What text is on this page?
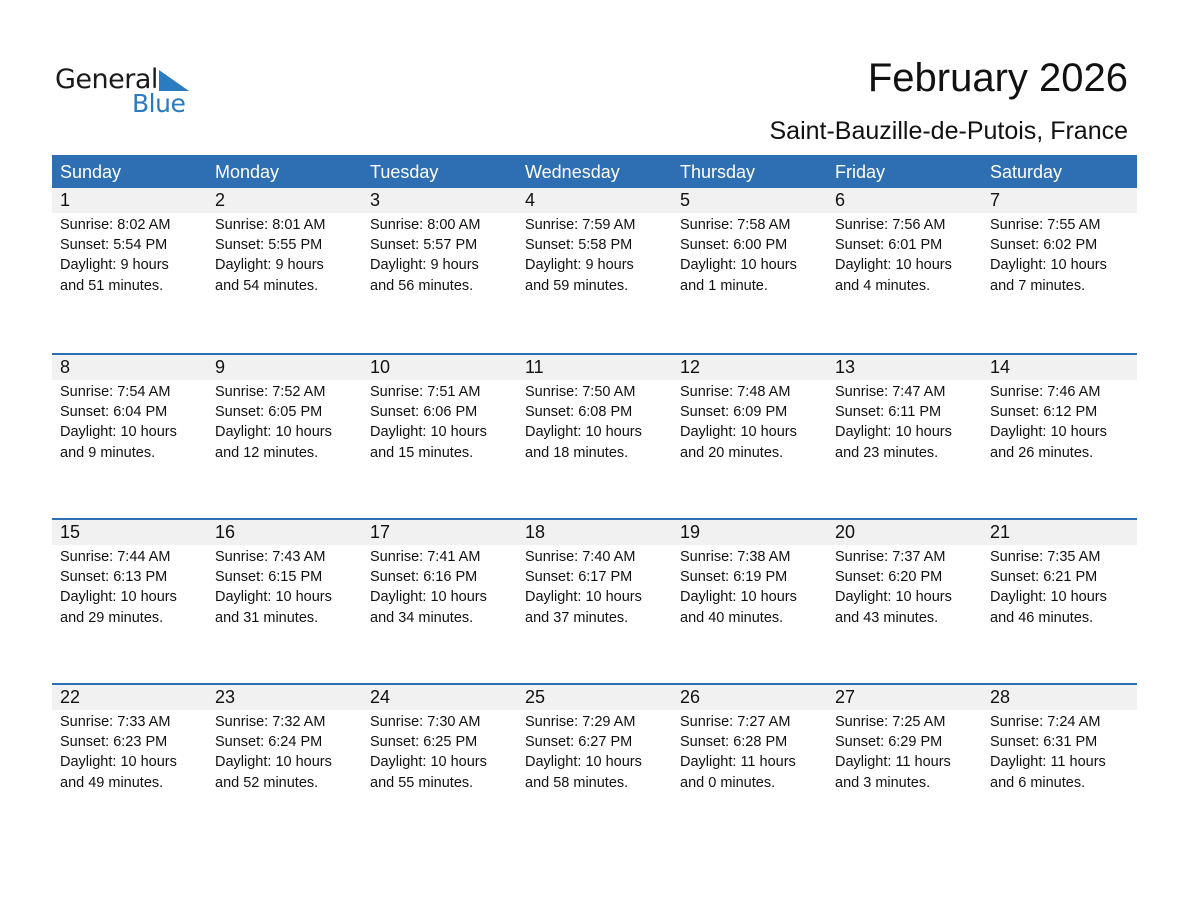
General
Blue
February 2026
Saint-Bauzille-de-Putois, France
Sunday	Monday	Tuesday	Wednesday	Thursday	Friday	Saturday
1	2	3	4	5	6	7
Sunrise: 8:02 AM
Sunset: 5:54 PM
Daylight: 9 hours
and 51 minutes.
Sunrise: 8:01 AM
Sunset: 5:55 PM
Daylight: 9 hours
and 54 minutes.
Sunrise: 8:00 AM
Sunset: 5:57 PM
Daylight: 9 hours
and 56 minutes.
Sunrise: 7:59 AM
Sunset: 5:58 PM
Daylight: 9 hours
and 59 minutes.
Sunrise: 7:58 AM
Sunset: 6:00 PM
Daylight: 10 hours
and 1 minute.
Sunrise: 7:56 AM
Sunset: 6:01 PM
Daylight: 10 hours
and 4 minutes.
Sunrise: 7:55 AM
Sunset: 6:02 PM
Daylight: 10 hours
and 7 minutes.
8	9	10	11	12	13	14
Sunrise: 7:54 AM
Sunset: 6:04 PM
Daylight: 10 hours
and 9 minutes.
Sunrise: 7:52 AM
Sunset: 6:05 PM
Daylight: 10 hours
and 12 minutes.
Sunrise: 7:51 AM
Sunset: 6:06 PM
Daylight: 10 hours
and 15 minutes.
Sunrise: 7:50 AM
Sunset: 6:08 PM
Daylight: 10 hours
and 18 minutes.
Sunrise: 7:48 AM
Sunset: 6:09 PM
Daylight: 10 hours
and 20 minutes.
Sunrise: 7:47 AM
Sunset: 6:11 PM
Daylight: 10 hours
and 23 minutes.
Sunrise: 7:46 AM
Sunset: 6:12 PM
Daylight: 10 hours
and 26 minutes.
15	16	17	18	19	20	21
Sunrise: 7:44 AM
Sunset: 6:13 PM
Daylight: 10 hours
and 29 minutes.
Sunrise: 7:43 AM
Sunset: 6:15 PM
Daylight: 10 hours
and 31 minutes.
Sunrise: 7:41 AM
Sunset: 6:16 PM
Daylight: 10 hours
and 34 minutes.
Sunrise: 7:40 AM
Sunset: 6:17 PM
Daylight: 10 hours
and 37 minutes.
Sunrise: 7:38 AM
Sunset: 6:19 PM
Daylight: 10 hours
and 40 minutes.
Sunrise: 7:37 AM
Sunset: 6:20 PM
Daylight: 10 hours
and 43 minutes.
Sunrise: 7:35 AM
Sunset: 6:21 PM
Daylight: 10 hours
and 46 minutes.
22	23	24	25	26	27	28
Sunrise: 7:33 AM
Sunset: 6:23 PM
Daylight: 10 hours
and 49 minutes.
Sunrise: 7:32 AM
Sunset: 6:24 PM
Daylight: 10 hours
and 52 minutes.
Sunrise: 7:30 AM
Sunset: 6:25 PM
Daylight: 10 hours
and 55 minutes.
Sunrise: 7:29 AM
Sunset: 6:27 PM
Daylight: 10 hours
and 58 minutes.
Sunrise: 7:27 AM
Sunset: 6:28 PM
Daylight: 11 hours
and 0 minutes.
Sunrise: 7:25 AM
Sunset: 6:29 PM
Daylight: 11 hours
and 3 minutes.
Sunrise: 7:24 AM
Sunset: 6:31 PM
Daylight: 11 hours
and 6 minutes.
